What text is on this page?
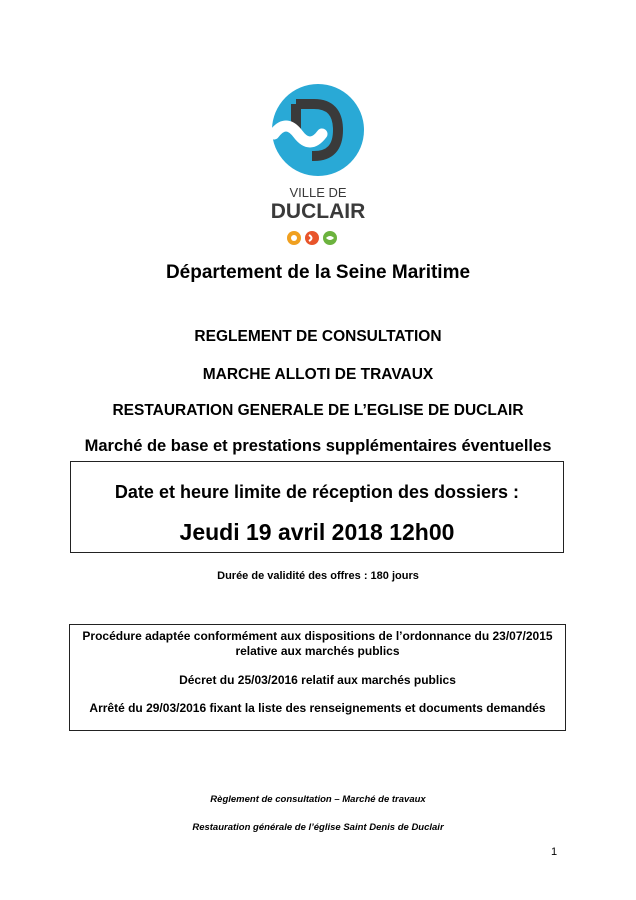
VILLE DE
DUCLAIR
Département de la Seine Maritime
REGLEMENT DE CONSULTATION
MARCHE ALLOTI DE TRAVAUX
RESTAURATION GENERALE DE L’EGLISE DE DUCLAIR
Marché de base et prestations supplémentaires éventuelles
Date et heure limite de réception des dossiers :
Jeudi 19 avril 2018 12h00
Durée de validité des offres : 180 jours
Procédure adaptée conformément aux dispositions de l’ordonnance du 23/07/2015 relative aux marchés publics
Décret du 25/03/2016 relatif aux marchés publics
Arrêté du 29/03/2016 fixant la liste des renseignements et documents demandés
Règlement de consultation – Marché de travaux
Restauration générale de l’église Saint Denis de Duclair
1
